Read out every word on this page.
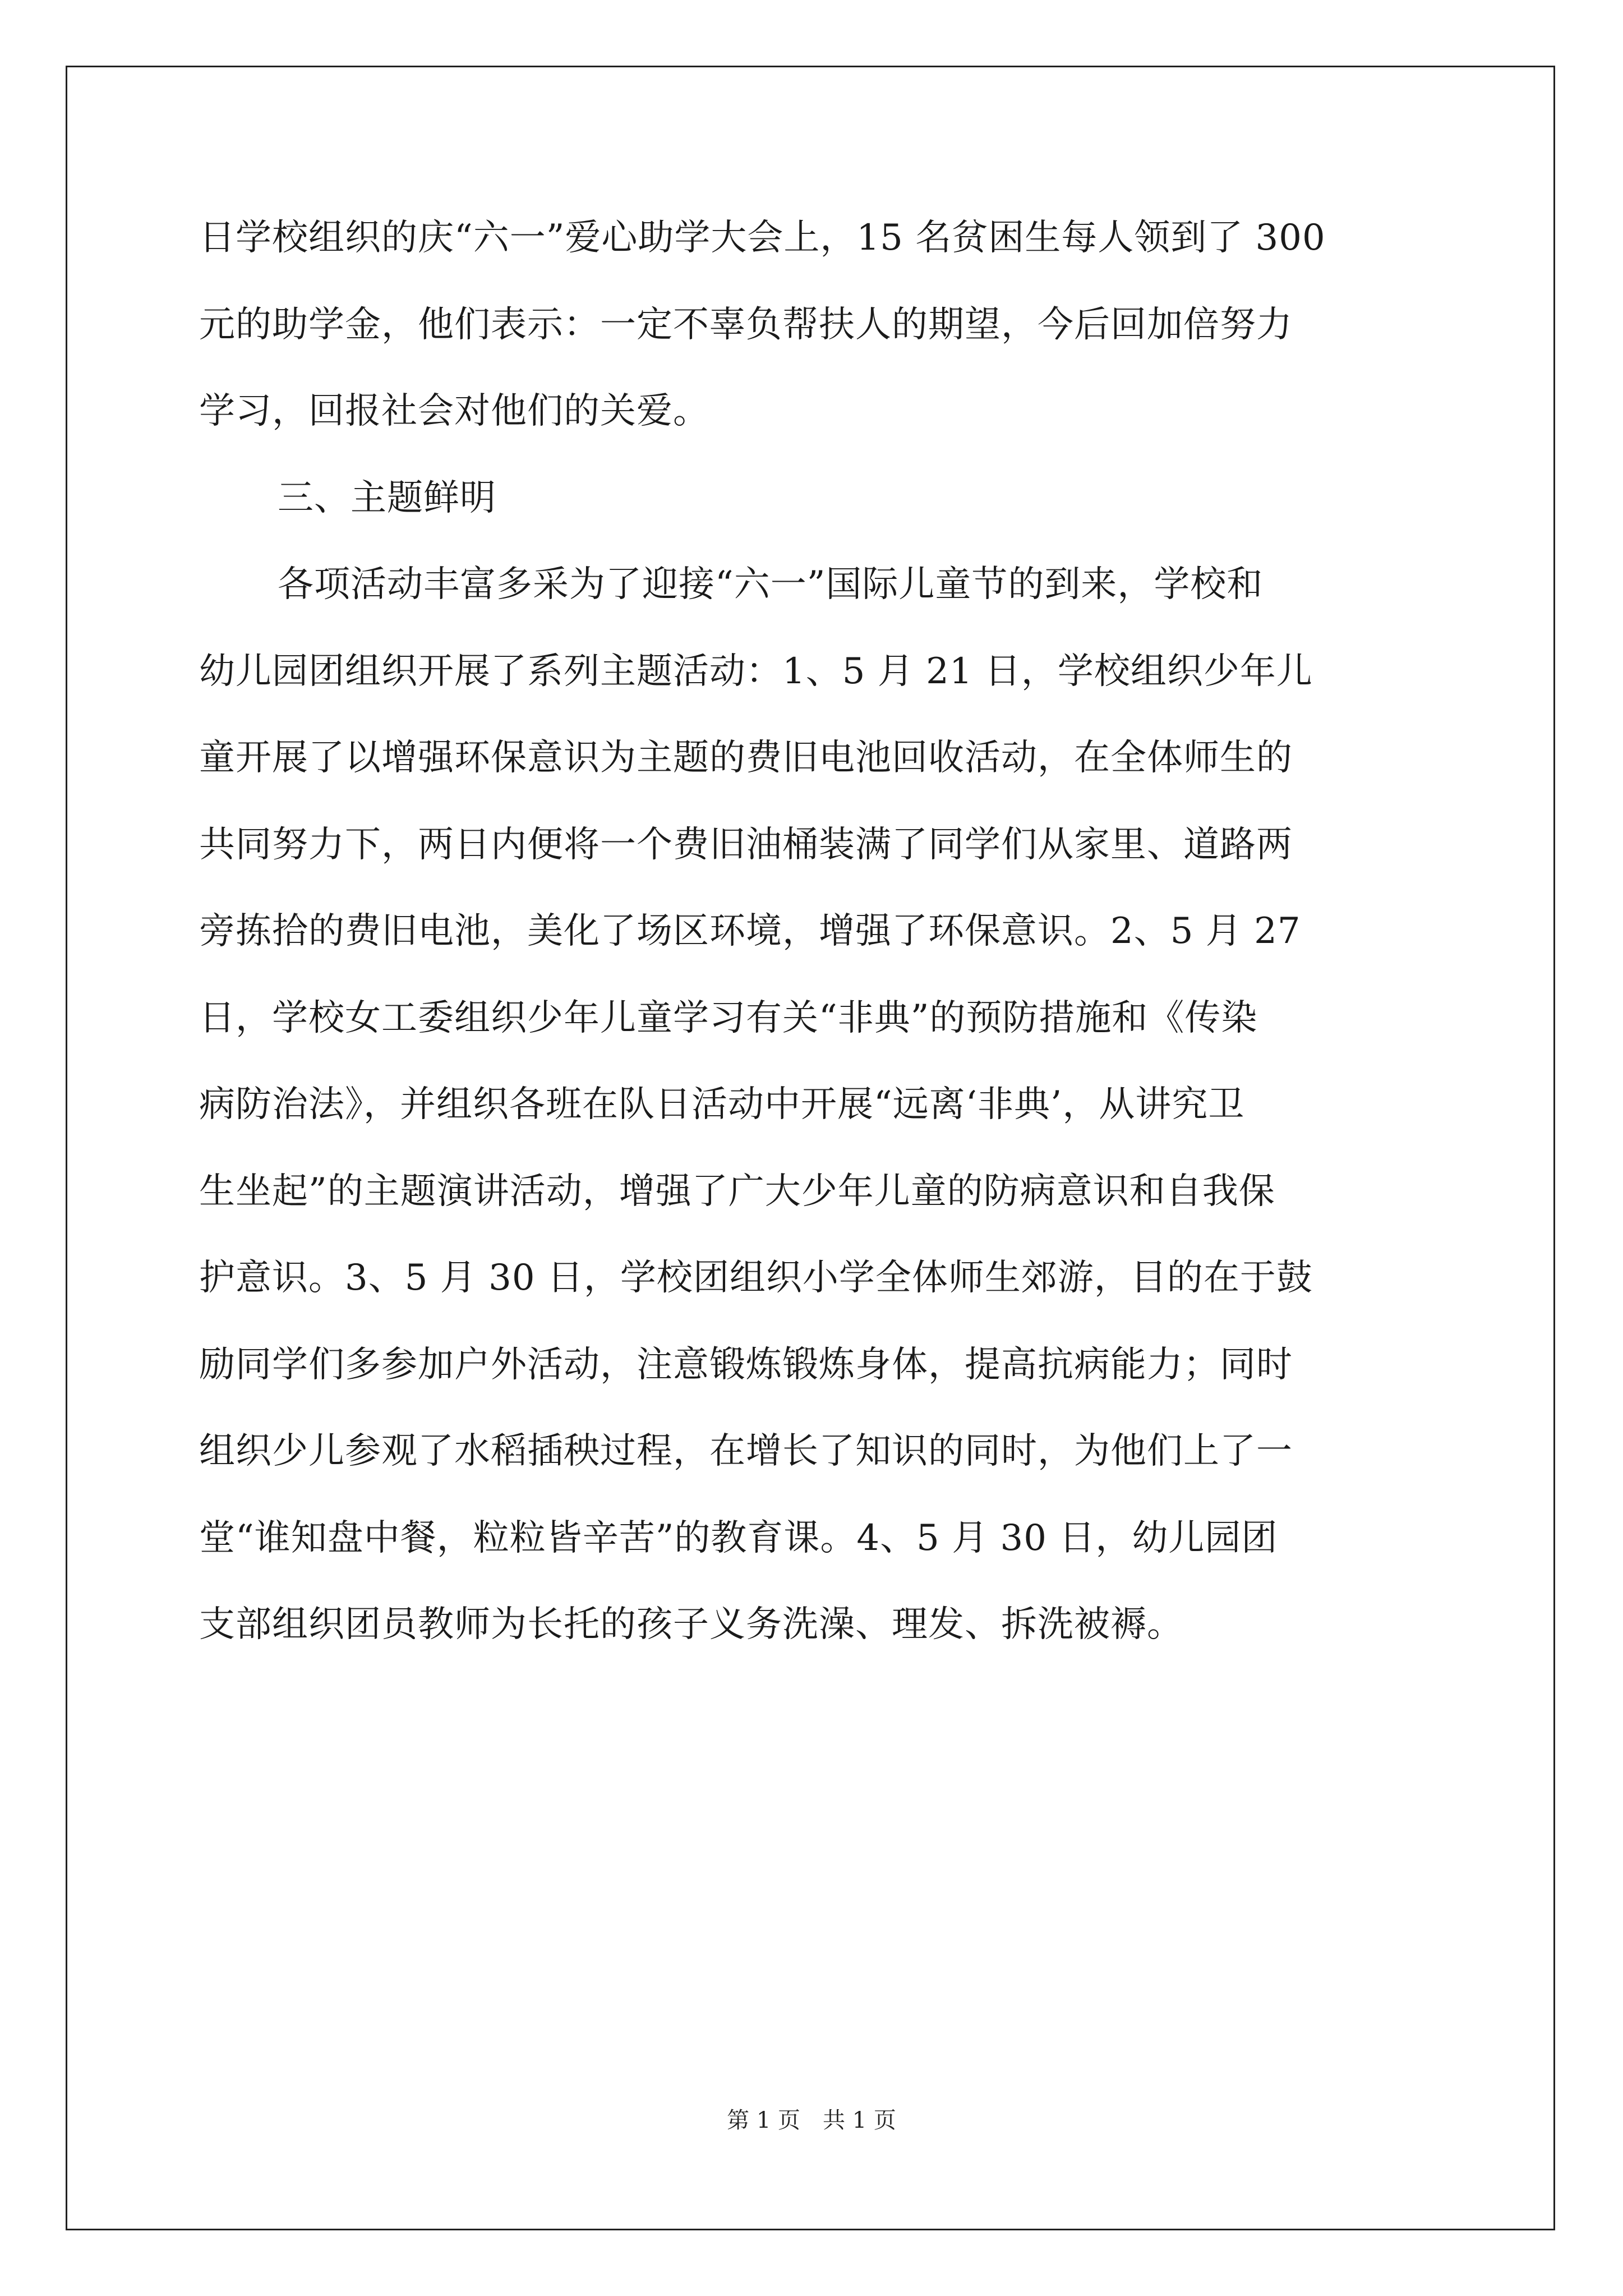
日学校组织的庆“六一”爱心助学大会上，15 名贫困生每人领到了 300
元的助学金，他们表示：一定不辜负帮扶人的期望，今后回加倍努力
学习，回报社会对他们的关爱。
三、主题鲜明
各项活动丰富多采为了迎接“六一”国际儿童节的到来，学校和
幼儿园团组织开展了系列主题活动：1、5 月 21 日，学校组织少年儿
童开展了以增强环保意识为主题的费旧电池回收活动，在全体师生的
共同努力下，两日内便将一个费旧油桶装满了同学们从家里、道路两
旁拣拾的费旧电池，美化了场区环境，增强了环保意识。2、5 月 27
日，学校女工委组织少年儿童学习有关“非典”的预防措施和《传染
病防治法》，并组织各班在队日活动中开展“远离‘非典’，从讲究卫
生坐起”的主题演讲活动，增强了广大少年儿童的防病意识和自我保
护意识。3、5 月 30 日，学校团组织小学全体师生郊游，目的在于鼓
励同学们多参加户外活动，注意锻炼锻炼身体，提高抗病能力；同时
组织少儿参观了水稻插秧过程，在增长了知识的同时，为他们上了一
堂“谁知盘中餐，粒粒皆辛苦”的教育课。4、5 月 30 日，幼儿园团
支部组织团员教师为长托的孩子义务洗澡、理发、拆洗被褥。
第 1 页　共 1 页
